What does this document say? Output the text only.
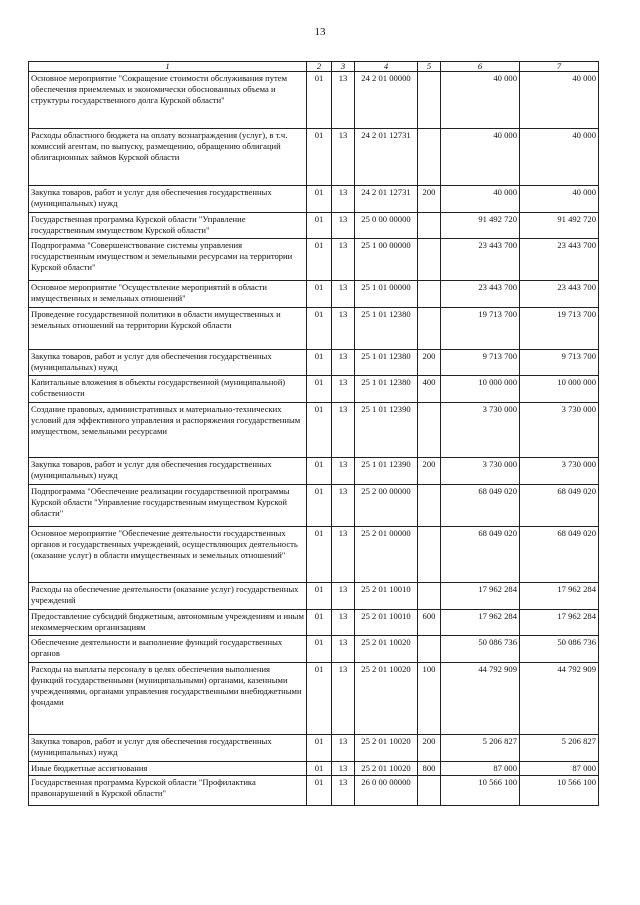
13
1	2	3	4	5	6	7
Основное мероприятие "Сокращение стоимости обслуживания путем обеспечения приемлемых и экономически обоснованных объема и структуры государственного долга Курской области"	01	13	24 2 01 00000		40 000	40 000
Расходы областного бюджета на оплату вознаграждения (услуг), в т.ч. комиссий агентам, по выпуску, размещению, обращению облигаций облигационных займов Курской области	01	13	24 2 01 12731		40 000	40 000
Закупка товаров, работ и услуг для обеспечения государственных (муниципальных) нужд	01	13	24 2 01 12731	200	40 000	40 000
Государственная программа Курской области "Управление государственным имуществом Курской области"	01	13	25 0 00 00000		91 492 720	91 492 720
Подпрограмма "Совершенствование системы управления государственным имуществом и земельными ресурсами на территории Курской области"	01	13	25 1 00 00000		23 443 700	23 443 700
Основное мероприятие "Осуществление мероприятий в области имущественных и земельных отношений"	01	13	25 1 01 00000		23 443 700	23 443 700
Проведение государственной политики в области имущественных и земельных отношений на территории Курской области	01	13	25 1 01 12380		19 713 700	19 713 700
Закупка товаров, работ и услуг для обеспечения государственных (муниципальных) нужд	01	13	25 1 01 12380	200	9 713 700	9 713 700
Капитальные вложения в объекты государственной (муниципальной) собственности	01	13	25 1 01 12380	400	10 000 000	10 000 000
Создание правовых, административных и материально-технических условий для эффективного управления и распоряжения государственным имуществом, земельными ресурсами	01	13	25 1 01 12390		3 730 000	3 730 000
Закупка товаров, работ и услуг для обеспечения государственных (муниципальных) нужд	01	13	25 1 01 12390	200	3 730 000	3 730 000
Подпрограмма "Обеспечение реализации государственной программы Курской области "Управление государственным имуществом Курской области"	01	13	25 2 00 00000		68 049 020	68 049 020
Основное мероприятие "Обеспечение деятельности государственных органов и государственных учреждений, осуществляющих деятельность (оказание услуг) в области имущественных и земельных отношений"	01	13	25 2 01 00000		68 049 020	68 049 020
Расходы на обеспечение деятельности (оказание услуг) государственных учреждений	01	13	25 2 01 10010		17 962 284	17 962 284
Предоставление субсидий бюджетным, автономным учреждениям и иным некоммерческим организациям	01	13	25 2 01 10010	600	17 962 284	17 962 284
Обеспечение деятельности и выполнение функций государственных органов	01	13	25 2 01 10020		50 086 736	50 086 736
Расходы на выплаты персоналу в целях обеспечения выполнения функций государственными (муниципальными) органами, казенными учреждениями, органами управления государственными внебюджетными фондами	01	13	25 2 01 10020	100	44 792 909	44 792 909
Закупка товаров, работ и услуг для обеспечения государственных (муниципальных) нужд	01	13	25 2 01 10020	200	5 206 827	5 206 827
Иные бюджетные ассигнования	01	13	25 2 01 10020	800	87 000	87 000
Государственная программа Курской области "Профилактика правонарушений в Курской области"	01	13	26 0 00 00000		10 566 100	10 566 100
